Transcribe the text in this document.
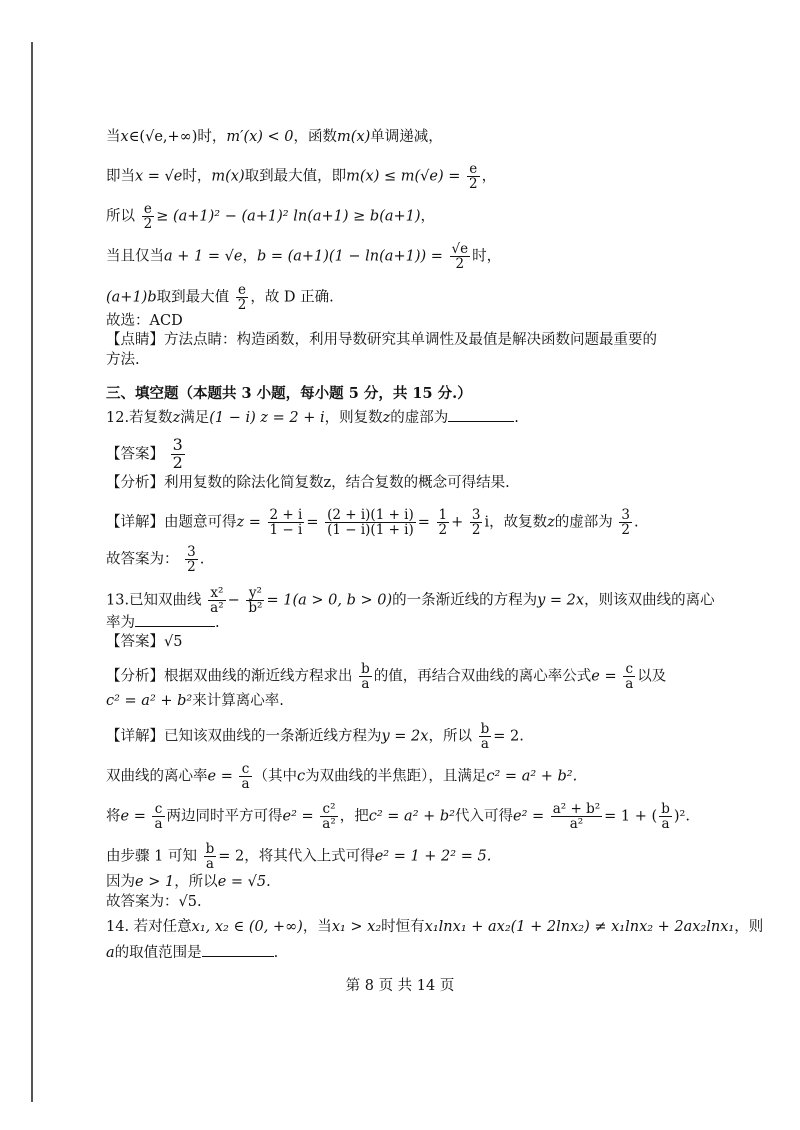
当x∈(√e,+∞)时，m′(x) < 0，函数m(x)单调递减，
即当x = √e时，m(x)取到最大值，即$m(x) \le m(√e) = \frac{e}{2}$ ，
所以 $\frac{e}{2} \ge (a+1)^2 - (a+1)^2$ ln(a+1) ≥ b(a+1)，
当且仅当a + 1 = √e，$b = (a+1)(1 - \ln(a+1)) = \frac{√e}{2}$ 时，
(a+1)b取到最大值 $\frac{e}{2}$ ，故 D 正确.
故选：ACD
【点睛】方法点睛：构造函数，利用导数研究其单调性及最值是解决函数问题最重要的
方法.
三、填空题（本题共 3 小题，每小题 5 分，共 15 分.）
12.若复数z满足(1 − i) z = 2 + i，则复数z的虚部为	.
【答案】 $\frac{3}{2}$
【分析】利用复数的除法化简复数z，结合复数的概念可得结果.
【详解】由题意可得$z = \frac{2 + i}{1 - i} = \frac{(2 + i)(1 + i)}{(1 - i)(1 + i)} = \frac{1}{2} + \frac{3}{2}$ i，故复数z的虚部为 $\frac{3}{2}$ .
故答案为： $\frac{3}{2}$ .
13.已知双曲线 $\frac{\text{x²}}{\text{a²}} - \frac{\text{y²}}{\text{b²}} = 1(a > 0$, b > 0)的一条渐近线的方程为y = 2x，则该双曲线的离心
率为	.
【答案】√5
【分析】根据双曲线的渐近线方程求出 $\frac{b}{a}$ 的值，再结合双曲线的离心率公式$e = \frac{c}{a}$ 以及
c² = a² + b²来计算离心率.
【详解】已知该双曲线的一条渐近线方程为y = 2x，所以 $\frac{b}{a} = 2$.
双曲线的离心率$e = \frac{c}{a}$ （其中c为双曲线的半焦距），且满足c² = a² + b².
将$e = \frac{c}{a}$ 两边同时平方可得$e^2 = \frac{\text{c²}}{\text{a²}}$ ，把c² = a² + b²代入可得$e^2 = \frac{\text{a² + b²}}{\text{a²}} = 1$ + ( $\frac{b}{a} )^2$.
由步骤 1 可知 $\frac{b}{a} = 2$，将其代入上式可得e² = 1 + 2² = 5.
因为e > 1，所以e = √5.
故答案为：√5.
14. 若对任意x₁, x₂ ∈ (0, +∞)，当x₁ > x₂时恒有x₁lnx₁ + ax₂(1 + 2lnx₂) ≠ x₁lnx₂ + 2ax₂lnx₁，则
a的取值范围是	.
第 8 页 共 14 页
